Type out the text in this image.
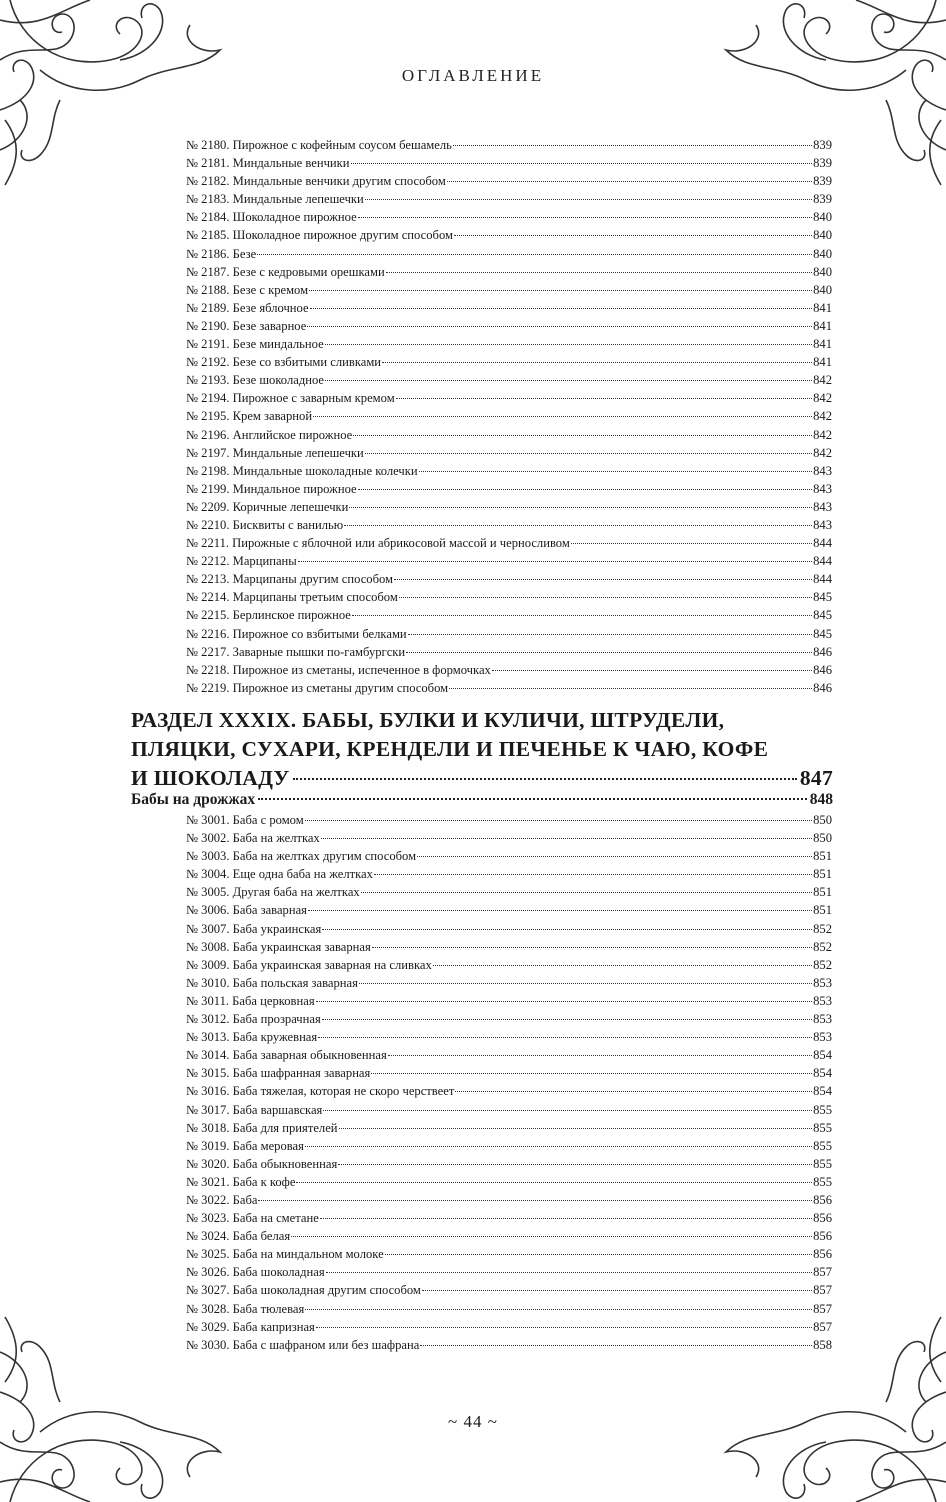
ОГЛАВЛЕНИЕ
№ 2180. Пирожное с кофейным соусом бешамель	839
№ 2181. Миндальные венчики	839
№ 2182. Миндальные венчики другим способом	839
№ 2183. Миндальные лепешечки	839
№ 2184. Шоколадное пирожное	840
№ 2185. Шоколадное пирожное другим способом	840
№ 2186. Безе	840
№ 2187. Безе с кедровыми орешками	840
№ 2188. Безе с кремом	840
№ 2189. Безе яблочное	841
№ 2190. Безе заварное	841
№ 2191. Безе миндальное	841
№ 2192. Безе со взбитыми сливками	841
№ 2193. Безе шоколадное	842
№ 2194. Пирожное с заварным кремом	842
№ 2195. Крем заварной	842
№ 2196. Английское пирожное	842
№ 2197. Миндальные лепешечки	842
№ 2198. Миндальные шоколадные колечки	843
№ 2199. Миндальное пирожное	843
№ 2209. Коричные лепешечки	843
№ 2210. Бисквиты с ванилью	843
№ 2211. Пирожные с яблочной или абрикосовой массой и черносливом	844
№ 2212. Марципаны	844
№ 2213. Марципаны другим способом	844
№ 2214. Марципаны третьим способом	845
№ 2215. Берлинское пирожное	845
№ 2216. Пирожное со взбитыми белками	845
№ 2217. Заварные пышки по-гамбургски	846
№ 2218. Пирожное из сметаны, испеченное в формочках	846
№ 2219. Пирожное из сметаны другим способом	846
РАЗДЕЛ XXXIX. БАБЫ, БУЛКИ И КУЛИЧИ, ШТРУДЕЛИ,
ПЛЯЦКИ, СУХАРИ, КРЕНДЕЛИ И ПЕЧЕНЬЕ К ЧАЮ, КОФЕ
И ШОКОЛАДУ	847
Бабы на дрожжах	848
№ 3001. Баба с ромом	850
№ 3002. Баба на желтках	850
№ 3003. Баба на желтках другим способом	851
№ 3004. Еще одна баба на желтках	851
№ 3005. Другая баба на желтках	851
№ 3006. Баба заварная	851
№ 3007. Баба украинская	852
№ 3008. Баба украинская заварная	852
№ 3009. Баба украинская заварная на сливках	852
№ 3010. Баба польская заварная	853
№ 3011. Баба церковная	853
№ 3012. Баба прозрачная	853
№ 3013. Баба кружевная	853
№ 3014. Баба заварная обыкновенная	854
№ 3015. Баба шафранная заварная	854
№ 3016. Баба тяжелая, которая не скоро черствеет	854
№ 3017. Баба варшавская	855
№ 3018. Баба для приятелей	855
№ 3019. Баба меровая	855
№ 3020. Баба обыкновенная	855
№ 3021. Баба к кофе	855
№ 3022. Баба	856
№ 3023. Баба на сметане	856
№ 3024. Баба белая	856
№ 3025. Баба на миндальном молоке	856
№ 3026. Баба шоколадная	857
№ 3027. Баба шоколадная другим способом	857
№ 3028. Баба тюлевая	857
№ 3029. Баба капризная	857
№ 3030. Баба с шафраном или без шафрана	858
~ 44 ~
